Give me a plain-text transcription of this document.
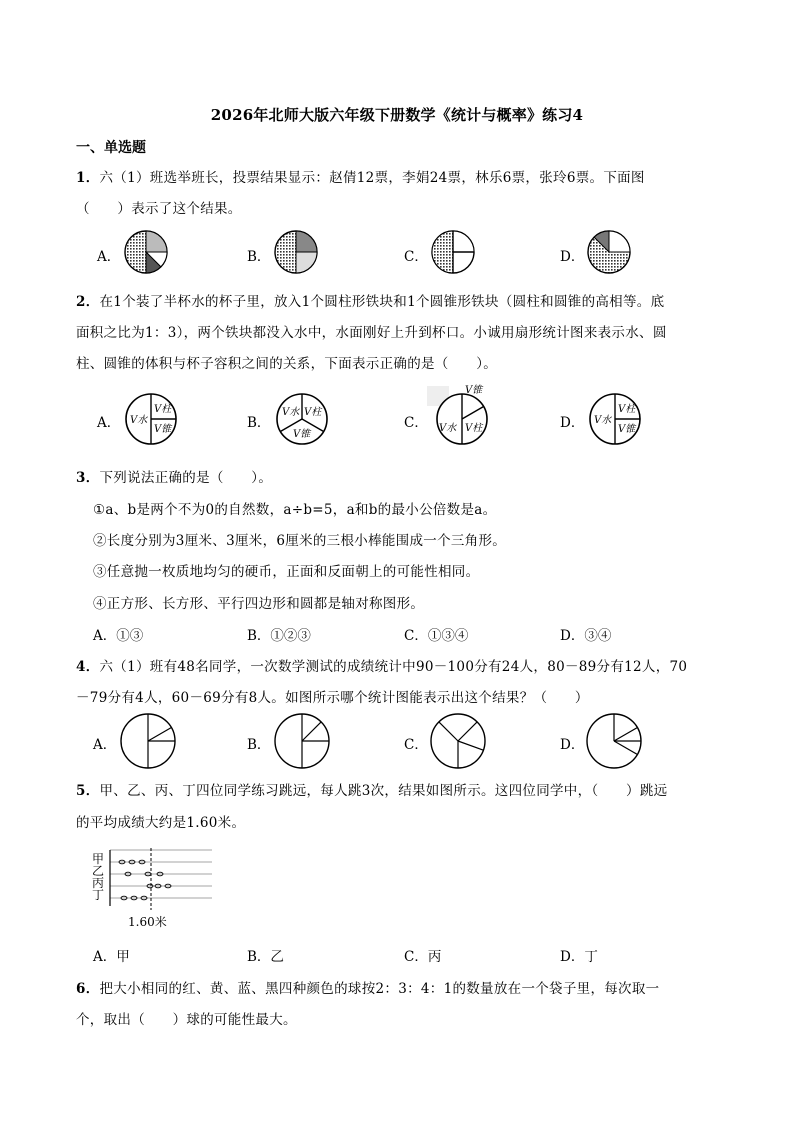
2026年北师大版六年级下册数学《统计与概率》练习4
一、单选题
1．六（1）班选举班长，投票结果显示：赵倩12票，李娟24票，林乐6票，张玲6票。下面图
（　　）表示了这个结果。
A．	B．	C．	D．
2．在1个装了半杯水的杯子里，放入1个圆柱形铁块和1个圆锥形铁块（圆柱和圆锥的高相等。底
面积之比为1：3），两个铁块都没入水中，水面刚好上升到杯口。小诚用扇形统计图来表示水、圆
柱、圆锥的体积与杯子容积之间的关系，下面表示正确的是（　　）。
A． V水
V柱
V锥	B．
V水 V柱
V锥
C．
V锥
V水 V柱	D． V水
V柱
V锥
3．下列说法正确的是（　　）。
①a、b是两个不为0的自然数，a÷b=5，a和b的最小公倍数是a。
②长度分别为3厘米、3厘米，6厘米的三根小棒能围成一个三角形。
③任意抛一枚质地均匀的硬币，正面和反面朝上的可能性相同。
④正方形、长方形、平行四边形和圆都是轴对称图形。
A．①③	B．①②③	C．①③④	D．③④
4．六（1）班有48名同学，一次数学测试的成绩统计中90－100分有24人，80－89分有12人，70
－79分有4人，60－69分有8人。如图所示哪个统计图能表示出这个结果？（　　）
A．	B．	C．	D．
5．甲、乙、丙、丁四位同学练习跳远，每人跳3次，结果如图所示。这四位同学中，（　　）跳远
的平均成绩大约是1.60米。
甲
乙
丙
丁
1.60米
A．甲	B．乙	C．丙	D．丁
6．把大小相同的红、黄、蓝、黑四种颜色的球按2：3：4：1的数量放在一个袋子里，每次取一
个，取出（　　）球的可能性最大。
